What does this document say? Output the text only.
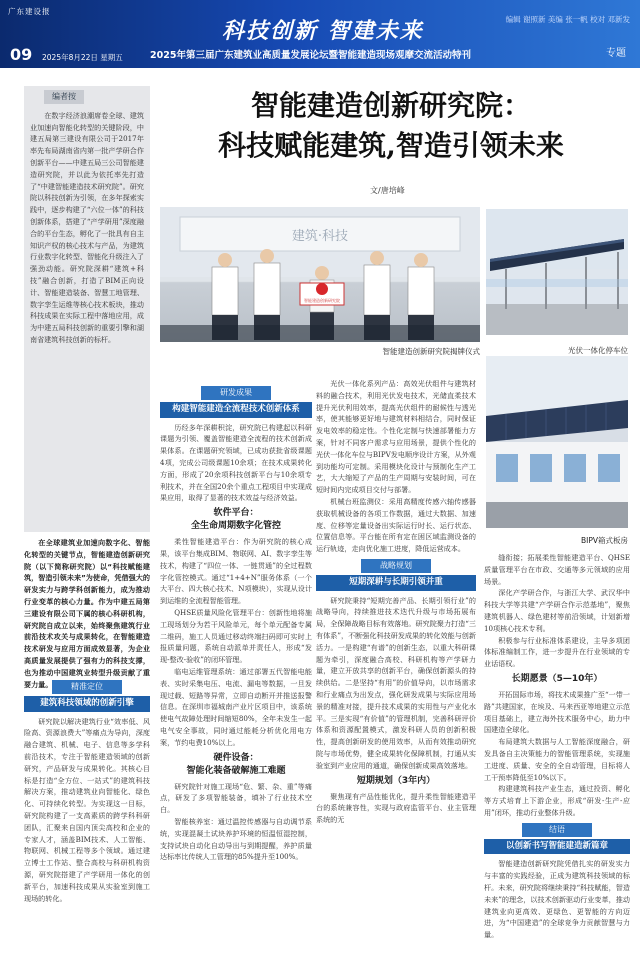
广东建设报
科技创新 智建未来	编辑 谢照新 美编 张一帆 校对 邓新发
09 2025年8月22日 星期五	2025年第三届广东建筑业高质量发展论坛暨智能建造现场观摩交流活动特刊	专题
编者按

在数字经济浪潮席卷全球、建筑业加速向智能化转型的关键阶段，中建五局第三建设有限公司于2017年率先布局湖南省内第一批产学研合作创新平台——中建五局三公司智能建造研究院，并以此为依托率先打造了“中建智能建造技术研究院”。研究院以科技创新为引领，在多年探索实践中，逐步构建了“六位一体”的科技创新体系，搭建了“产学研用”深度融合的平台生态，孵化了一批具有自主知识产权的核心技术与产品，为建筑行业数字化转型、智能化升级注入了强劲动能。研究院深耕“建筑+科技”融合创新，打造了BIM正向设计、智能建造装备、智慧工地管理、数字孪生运维等核心技术板块，推动科技成果在实际工程中落地应用，成为中建五局科技创新的重要引擎和湖南省建筑科技创新的标杆。

在全球建筑业加速向数字化、智能化转型的关键节点，智能建造创新研究院（以下简称研究院）以“科技赋能建筑，智造引领未来”为使命，凭借强大的研发实力与跨学科创新能力，成为推动行业变革的核心力量。作为中建五局第三建设有限公司下属的核心科研机构，研究院自成立以来，始终聚焦建筑行业前沿技术攻关与成果转化，在智能建造技术研发与应用方面成效显著，为企业高质量发展提供了强有力的科技支撑，也为推动中国建筑业转型升级贡献了重要力量。	精准定位
建筑科技领域的创新引擎

研究院以解决建筑行业“效率低、风险高、资源浪费大”等痛点为导向，深度融合建筑、机械、电子、信息等多学科前沿技术，专注于智能建造领域的创新研究，产品研发与成果转化。其核心目标是打造“全方位、一站式”的建筑科技解决方案，推动建筑业向智能化、绿色化、可持续化转型。为实现这一目标，研究院构建了一支高素质的跨学科科研团队，汇聚来自国内顶尖高校和企业的专家人才，涵盖BIM技术、人工智能、物联网、机械工程等多个领域。通过建立博士工作站、整合高校与科研机构资源，研究院搭建了产学研用一体化的创新平台，加速科技成果从实验室到施工现场的转化。

智能建造创新研究院：
科技赋能建筑,智造引领未来
文/唐培峰
建筑·科技
智能建造创新研究院
智能建造创新研究院揭牌仪式
研发成果
构建智能建造全流程技术创新体系

历经多年深耕积淀，研究院已构建起以科研课题为引领、覆盖智能建造全流程的技术创新成果体系。在课题研究领域，已成功获批省级课题4项，完成公司级课题10余项；在技术成果转化方面，形成了20余项科技创新平台与10余项专利技术，并在全国20余个重点工程项目中实现成果应用，取得了显著的技术效益与经济效益。

软件平台：
全生命周期数字化管控

柔性智能建造平台：作为研究院的核心成果，该平台集成BIM、物联网、AI、数字孪生等技术，构建了“四位一体、一链贯通”的全过程数字化管控模式。通过“1+4+N”服务体系（一个大平台、四大核心技术、N项模块），实现从设计到运维的全流程智能管理。

QHSE质量风险化管理平台：创新性地将施工现场划分为若干风险单元，每个单元配备专属二维码，施工人员通过移动终端扫码即可实时上报质量问题，系统自动派单并责任人，形成“发现-整改-验收”的闭环管理。

临电运维管理系统：通过部署五代智能电能表、实时采集电压、电流、漏电等数据，一旦发现过载、短路等异常，立即自动断开并推送报警信息。在深圳市福城南产业片区项目中，该系统使电气故障处理时间缩短80%，全年未发生一起电气安全事故，同时通过能耗分析优化用电方案，节约电费10%以上。

硬件设备：
智能化装备破解施工难题

研究院针对施工现场“危、繁、杂、重”等痛点，研发了多项智能装备，填补了行业技术空白。

智能核养室：通过温控传感器与自动调节系统，实现混凝土试块养护环境的恒温恒湿控制，支持试块自动化自动导出与到期提醒，养护质量达标率比传统人工管理的85%提升至100%。

光伏一体化系列产品：高效光伏组件与建筑材料的融合技术，利用光伏发电技术，光储直柔技术提升光伏利用效率，提高光伏组件的耐候性与透光率，使其能够更好地与建筑材料相结合，同时保证发电效率的稳定性。个性化定制与快速部署能力方案，针对不同客户需求与应用场景，提供个性化的光伏一体化车位与BIPV发电顺序设计方案，从外观到功能均可定制。采用模块化设计与预制化生产工艺，大大缩短了产品的生产周期与安装时间，可在短时间内完成项目交付与部署。

机械台班监测仪：采用高精度传感六轴传感器获取机械设备的各项工作数据，通过大数据、加速度、位移等定量设备出实际运行时长、运行状态、位置信息等。平台能在所有定在困区域监测设备的运行轨迹，走向优化施工进度，降低运营成本。

战略规划
短期深耕与长期引领并重

研究院秉持“短期完善产品、长期引领行业”的战略导向，持续推进技术迭代升级与市场拓展布局，全保障战略目标有效落地。研究院聚力打造“三有体系”，不断强化科技研发成果的转化效能与创新活力。一是构建“有谱”的创新生态，以重大科研课题为牵引，深度融合高校、科研机构等产学研力量，建立开放共享的创新平台，确保创新源头的持续供给。二是坚持“有用”的价值导向，以市场需求和行业痛点为出发点，强化研发成果与实际应用场景的精准对接，提升技术成果的实用性与产业化水平。三是实现“有价值”的管理机制，完善科研评价体系和资源配置模式，激发科研人员的创新积极性，提高创新研发的使用效率，从而有效推动研究院与市场优势，健全成果转化保障机制，打通从实验室到产业应用的通道，确保创新成果高效落地。

短期规划（3年内）

聚焦现有产品性能优化，提升柔性智能建造平台的系统兼容性，实现与政府监管平台、业主管理系统的无

光伏一体化停车位
BIPV箱式板房

缝衔接；拓展柔性智能建造平台、QHSE质量管理平台在市政、交通等多元领域的应用场景。

深化产学研合作，与浙江大学、武汉华中科技大学等共建“产学研合作示范基地”，聚焦建筑机器人、绿色建材等前沿领域，计划新增10项核心技术专利。

积极参与行业标准体系建设，主导多项团体标准编制工作，进一步提升在行业领域的专业话语权。

长期愿景（5—10年）

开拓国际市场，将技术成果推广至“一带一路”共建国家，在埃及、马来西亚等地建立示范项目基础上，建立海外技术服务中心，助力中国建造全球化。

布局建筑大数据与人工智能深度融合，研发具备自主决策能力的智能管理系统，实现施工进度、质量、安全的全自动管理，目标将人工干预率降低至10%以下。

构建建筑科技产业生态，通过投资、孵化等方式培育上下游企业，形成“研发-生产-应用”闭环，推动行业整体升级。

结语
以创新书写智能建造新篇章

智能建造创新研究院凭借扎实的研发实力与丰富的实践经验，正成为建筑科技领域的标杆。未来，研究院将继续秉持“科技赋能，智造未来”的理念，以技术创新驱动行业变革，推动建筑业向更高效、更绿色、更智能的方向迈进，为“中国建造”的全球竞争力贡献智慧与力量。
